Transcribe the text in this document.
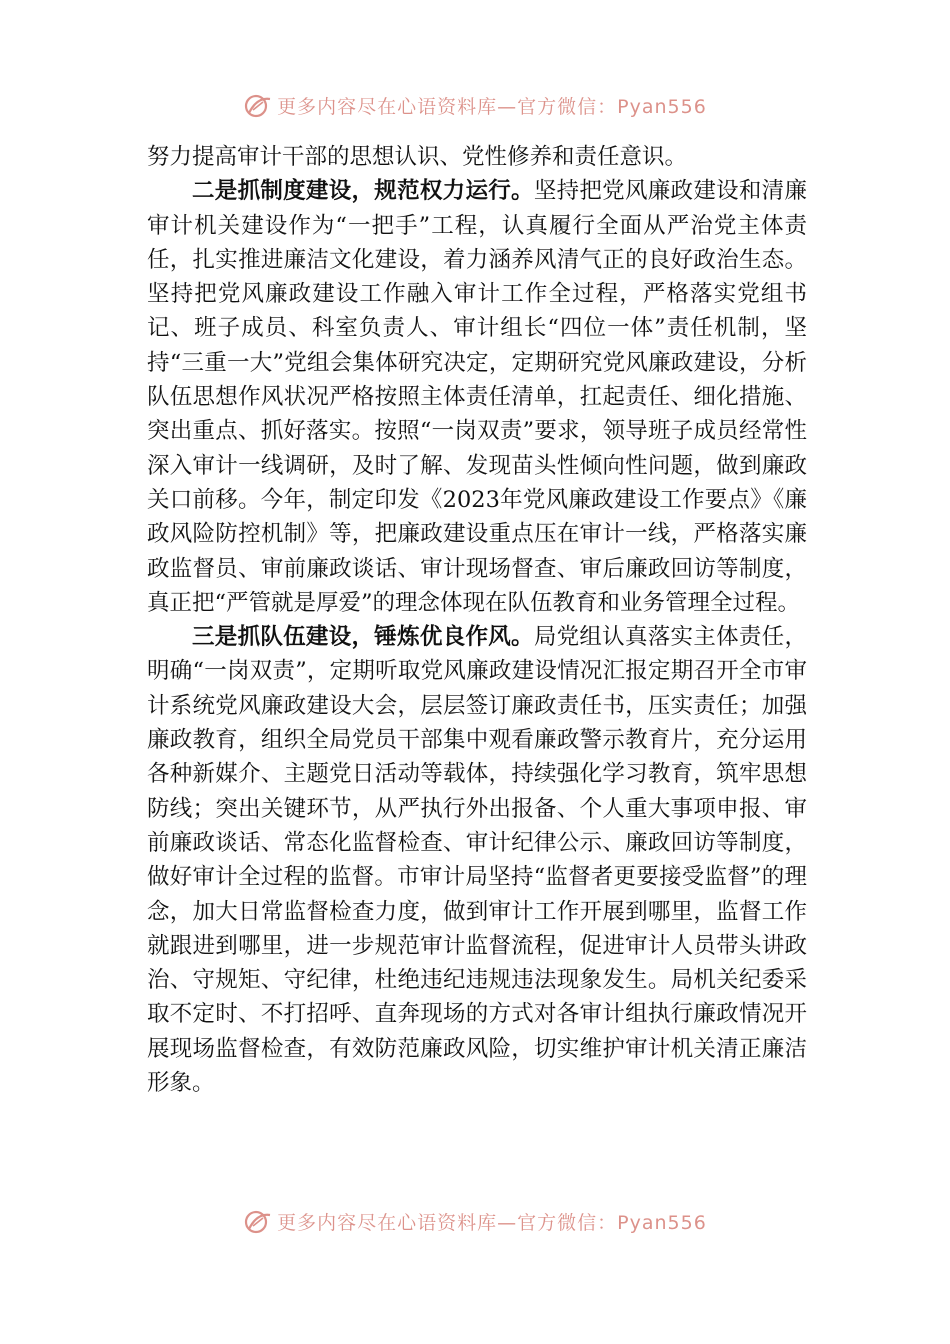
更多内容尽在心语资料库—官方微信：Pyan556

努力提高审计干部的思想认识、党性修养和责任意识。

二是抓制度建设，规范权力运行。坚持把党风廉政建设和清廉审计机关建设作为“一把手”工程，认真履行全面从严治党主体责任，扎实推进廉洁文化建设，着力涵养风清气正的良好政治生态。坚持把党风廉政建设工作融入审计工作全过程，严格落实党组书记、班子成员、科室负责人、审计组长“四位一体”责任机制，坚持“三重一大”党组会集体研究决定，定期研究党风廉政建设，分析队伍思想作风状况严格按照主体责任清单，扛起责任、细化措施、突出重点、抓好落实。按照“一岗双责”要求，领导班子成员经常性深入审计一线调研，及时了解、发现苗头性倾向性问题，做到廉政关口前移。今年，制定印发《2023年党风廉政建设工作要点》《廉政风险防控机制》等，把廉政建设重点压在审计一线，严格落实廉政监督员、审前廉政谈话、审计现场督查、审后廉政回访等制度，真正把“严管就是厚爱”的理念体现在队伍教育和业务管理全过程。

三是抓队伍建设，锤炼优良作风。局党组认真落实主体责任，明确“一岗双责”，定期听取党风廉政建设情况汇报定期召开全市审计系统党风廉政建设大会，层层签订廉政责任书，压实责任；加强廉政教育，组织全局党员干部集中观看廉政警示教育片，充分运用各种新媒介、主题党日活动等载体，持续强化学习教育，筑牢思想防线；突出关键环节，从严执行外出报备、个人重大事项申报、审前廉政谈话、常态化监督检查、审计纪律公示、廉政回访等制度，做好审计全过程的监督。市审计局坚持“监督者更要接受监督”的理念，加大日常监督检查力度，做到审计工作开展到哪里，监督工作就跟进到哪里，进一步规范审计监督流程，促进审计人员带头讲政治、守规矩、守纪律，杜绝违纪违规违法现象发生。局机关纪委采取不定时、不打招呼、直奔现场的方式对各审计组执行廉政情况开展现场监督检查，有效防范廉政风险，切实维护审计机关清正廉洁形象。

更多内容尽在心语资料库—官方微信：Pyan556
